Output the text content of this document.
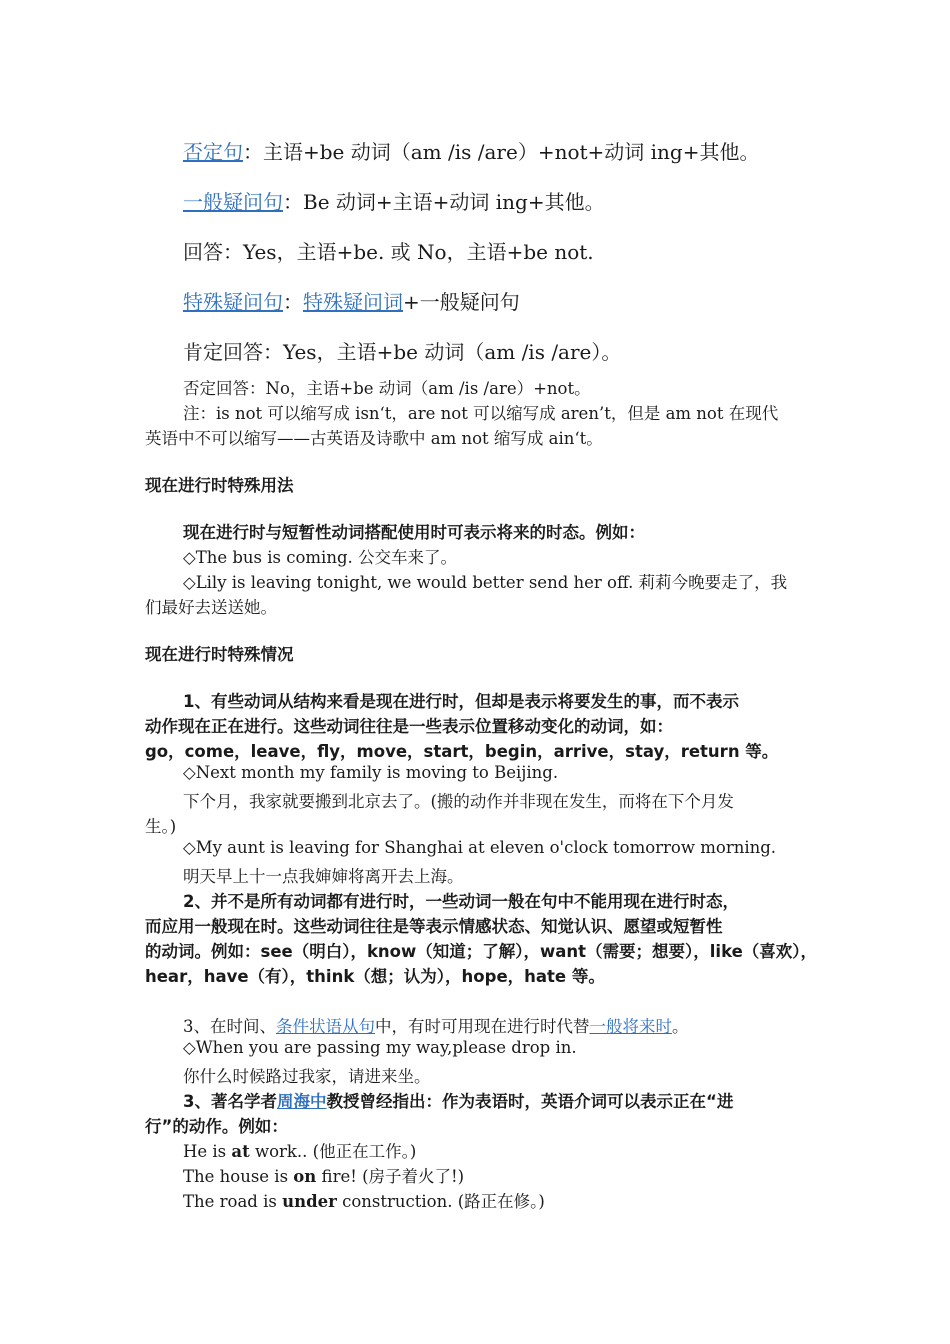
否定句：主语+be 动词（am /is /are）+not+动词 ing+其他。
一般疑问句：Be 动词+主语+动词 ing+其他。
回答：Yes，主语+be. 或 No，主语+be not.
特殊疑问句：特殊疑问词+一般疑问句
肯定回答：Yes，主语+be 动词（am /is /are）。
否定回答：No，主语+be 动词（am /is /are）+not。
注：is not 可以缩写成 isn‘t，are not 可以缩写成 aren’t，但是 am not 在现代
英语中不可以缩写——古英语及诗歌中 am not 缩写成 ain‘t。
现在进行时特殊用法
现在进行时与短暂性动词搭配使用时可表示将来的时态。例如：
◇The bus is coming. 公交车来了。
◇Lily is leaving tonight, we would better send her off. 莉莉今晚要走了，我
们最好去送送她。
现在进行时特殊情况
1、有些动词从结构来看是现在进行时，但却是表示将要发生的事，而不表示
动作现在正在进行。这些动词往往是一些表示位置移动变化的动词，如：
go，come，leave，fly，move，start，begin，arrive，stay，return 等。
◇Next month my family is moving to Beijing.
下个月，我家就要搬到北京去了。(搬的动作并非现在发生，而将在下个月发
生。)
◇My aunt is leaving for Shanghai at eleven o'clock tomorrow morning.
明天早上十一点我婶婶将离开去上海。
2、并不是所有动词都有进行时，一些动词一般在句中不能用现在进行时态，
而应用一般现在时。这些动词往往是等表示情感状态、知觉认识、愿望或短暂性
的动词。例如：see（明白），know（知道；了解），want（需要；想要），like（喜欢），
hear，have（有），think（想；认为），hope，hate 等。
3、在时间、条件状语从句中，有时可用现在进行时代替一般将来时。
◇When you are passing my way,please drop in.
你什么时候路过我家，请进来坐。
3、著名学者周海中教授曾经指出：作为表语时，英语介词可以表示正在“进
行”的动作。例如：
He is at work.. (他正在工作。)
The house is on fire! (房子着火了!)
The road is under construction. (路正在修。)
